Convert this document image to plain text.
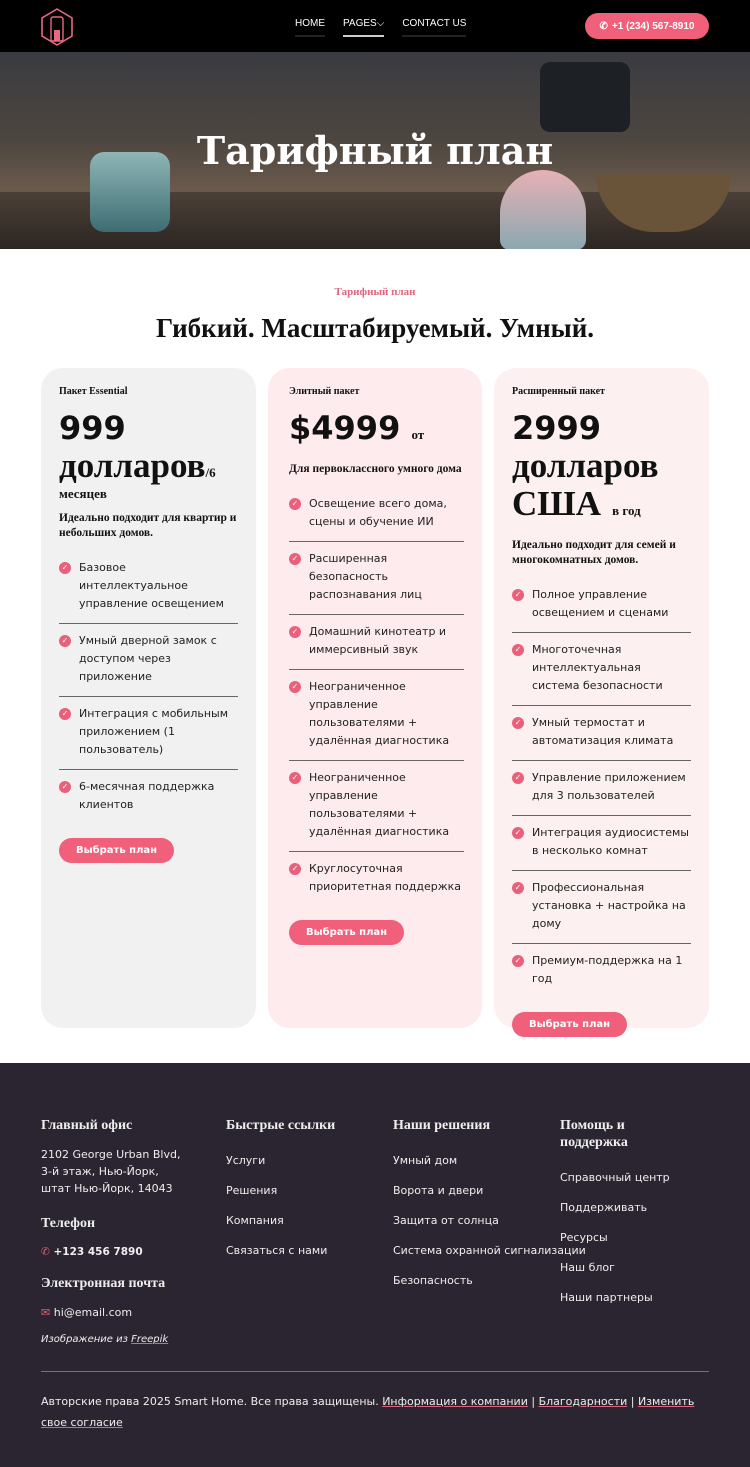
HOME PAGES⌵ CONTACT US	✆ +1 (234) 567-8910
Тарифный план
Тарифный план
Гибкий. Масштабируемый. Умный.
Пакет Essential
999
долларов/6
месяцев
Идеально подходит для квартир и небольших домов.
✓ Базовое интеллектуальное управление освещением
✓ Умный дверной замок с доступом через приложение
✓ Интеграция с мобильным приложением (1 пользователь)
✓ 6-месячная поддержка клиентов
Выбрать план
Элитный пакет
$4999 от
Для первоклассного умного дома
✓ Освещение всего дома, сцены и обучение ИИ
✓ Расширенная безопасность распознавания лиц
✓ Домашний кинотеатр и иммерсивный звук
✓ Неограниченное управление пользователями + удалённая диагностика
✓ Неограниченное управление пользователями + удалённая диагностика
✓ Круглосуточная приоритетная поддержка
Выбрать план
Расширенный пакет
2999
долларов
США в год
Идеально подходит для семей и многокомнатных домов.
✓ Полное управление освещением и сценами
✓ Многоточечная интеллектуальная система безопасности
✓ Умный термостат и автоматизация климата
✓ Управление приложением для 3 пользователей
✓ Интеграция аудиосистемы в несколько комнат
✓ Профессиональная установка + настройка на дому
✓ Премиум-поддержка на 1 год
Выбрать план
Главный офис
2102 George Urban Blvd, 3-й этаж, Нью-Йорк, штат Нью-Йорк, 14043
Телефон
✆ +123 456 7890
Электронная почта
✉ hi@email.com
Изображение из Freepik
Быстрые ссылки
Услуги
Решения
Компания
Связаться с нами
Наши решения
Умный дом
Ворота и двери
Защита от солнца
Система охранной сигнализации
Безопасность
Помощь и поддержка
Справочный центр
Поддерживать
Ресурсы
Наш блог
Наши партнеры
Авторские права 2025 Smart Home. Все права защищены. Информация о компании | Благодарности | Изменить свое согласие
